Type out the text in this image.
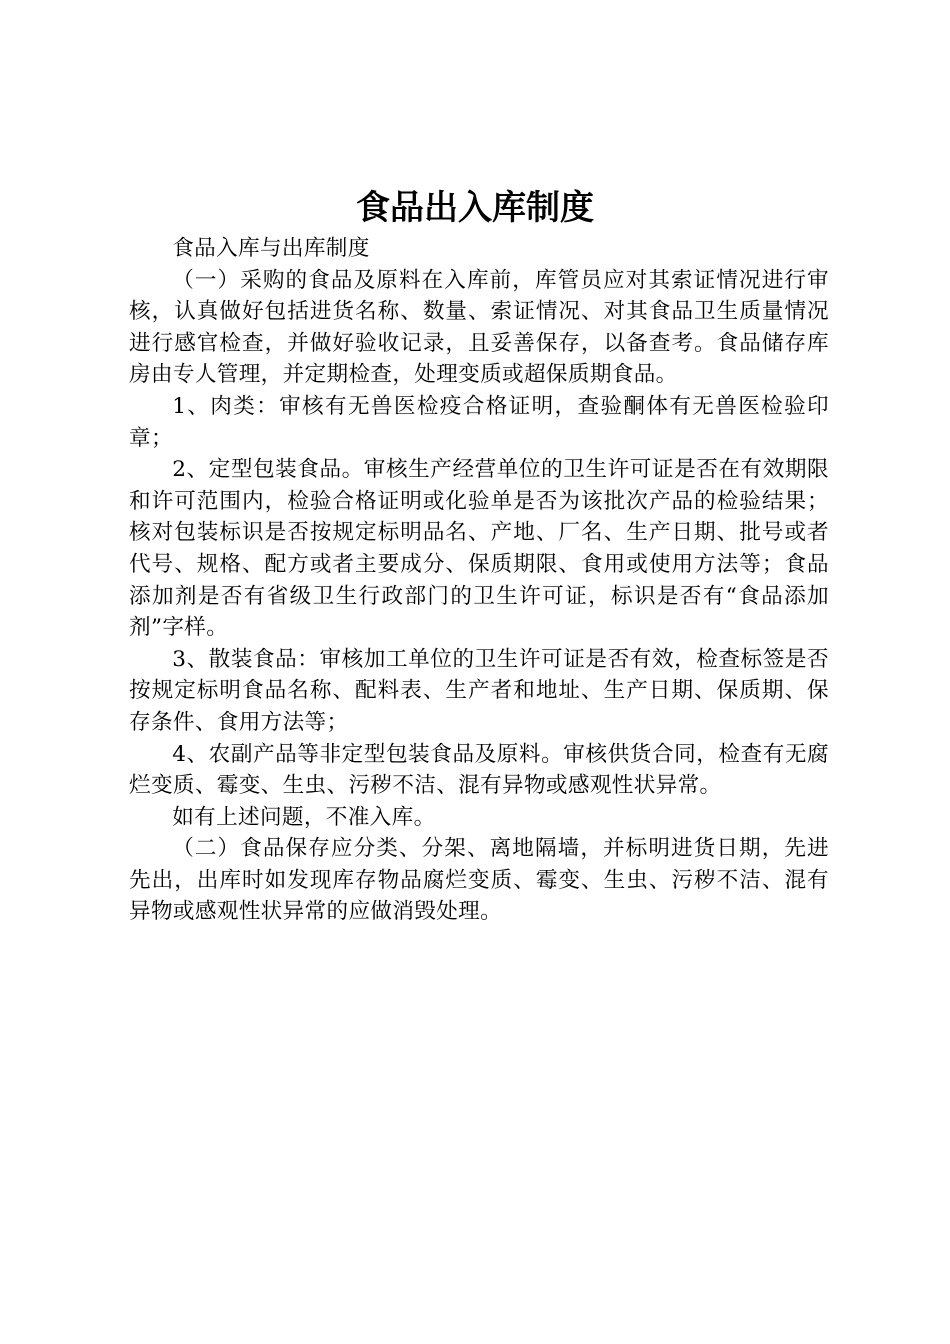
食品出入库制度

食品入库与出库制度

（一）采购的食品及原料在入库前，库管员应对其索证情况进行审核，认真做好包括进货名称、数量、索证情况、对其食品卫生质量情况进行感官检查，并做好验收记录，且妥善保存，以备查考。食品储存库房由专人管理，并定期检查，处理变质或超保质期食品。

1、肉类：审核有无兽医检疫合格证明，查验酮体有无兽医检验印章；

2、定型包装食品。审核生产经营单位的卫生许可证是否在有效期限和许可范围内，检验合格证明或化验单是否为该批次产品的检验结果；核对包装标识是否按规定标明品名、产地、厂名、生产日期、批号或者代号、规格、配方或者主要成分、保质期限、食用或使用方法等；食品添加剂是否有省级卫生行政部门的卫生许可证，标识是否有“食品添加剂”字样。

3、散装食品：审核加工单位的卫生许可证是否有效，检查标签是否按规定标明食品名称、配料表、生产者和地址、生产日期、保质期、保存条件、食用方法等；

4、农副产品等非定型包装食品及原料。审核供货合同，检查有无腐烂变质、霉变、生虫、污秽不洁、混有异物或感观性状异常。

如有上述问题，不准入库。

（二）食品保存应分类、分架、离地隔墙，并标明进货日期，先进先出，出库时如发现库存物品腐烂变质、霉变、生虫、污秽不洁、混有异物或感观性状异常的应做消毁处理。
